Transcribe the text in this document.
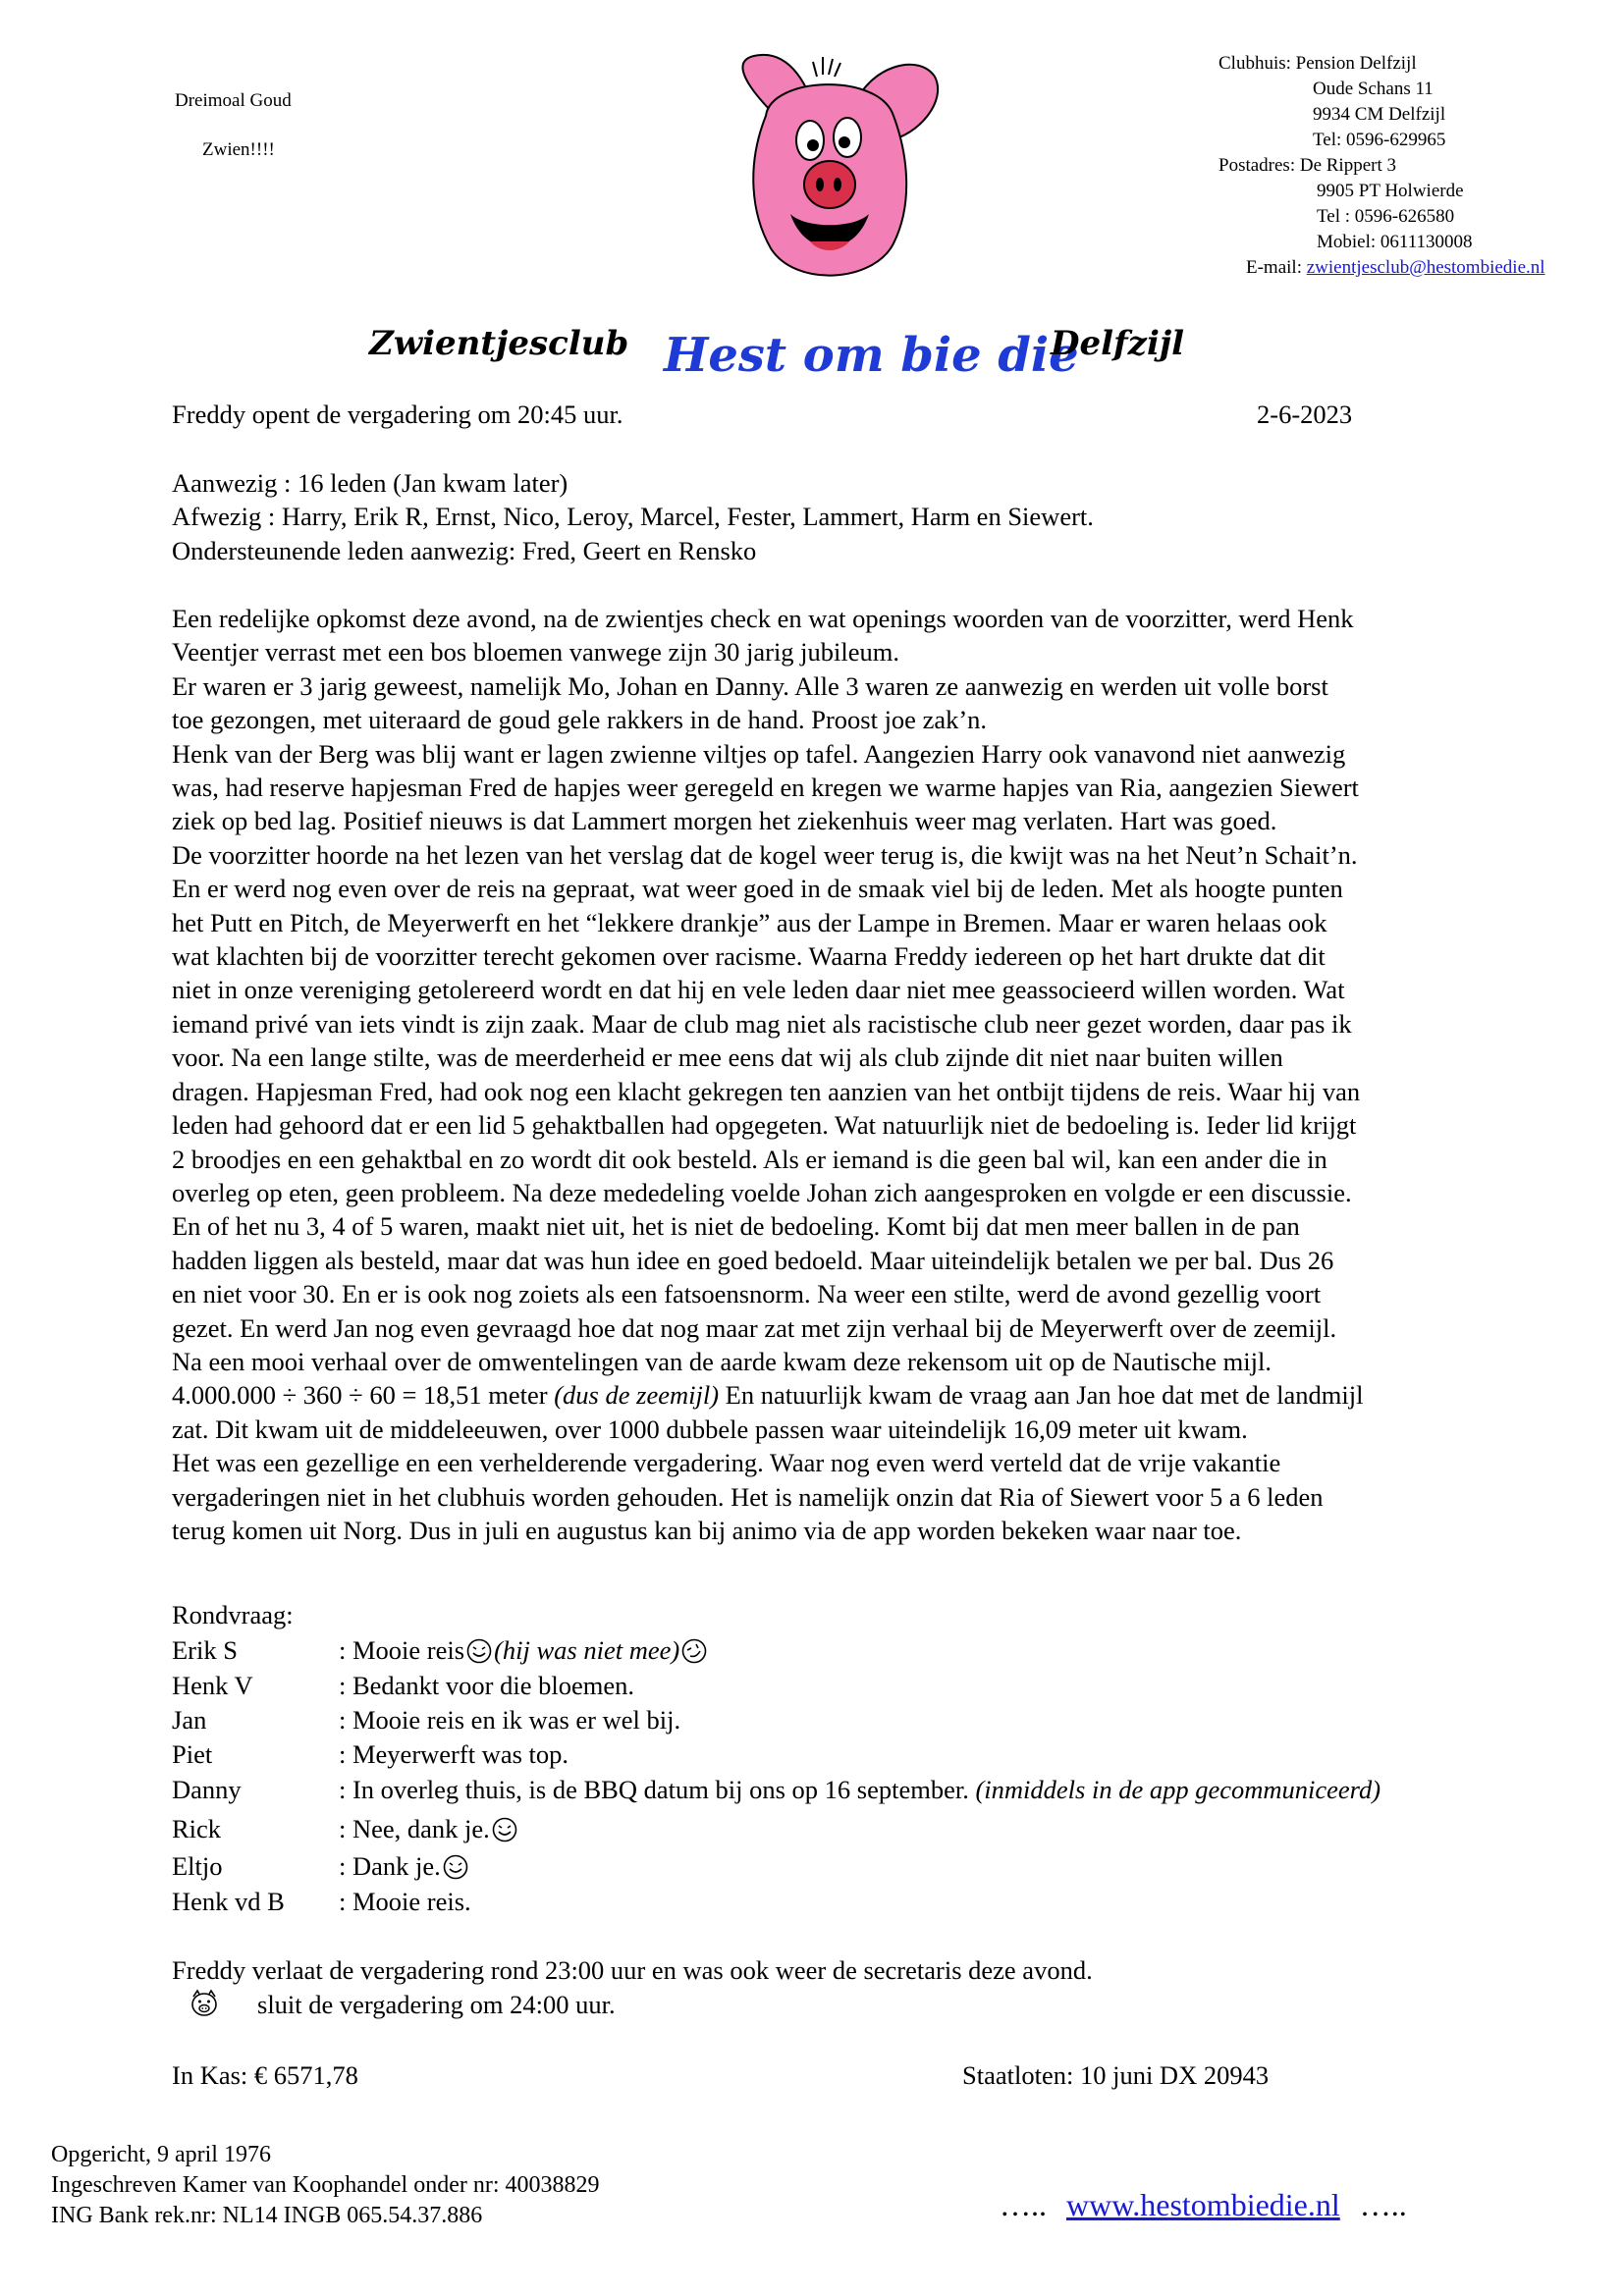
Dreimoal Goud
Zwien!!!!
Clubhuis: Pension Delfzijl
Oude Schans 11
9934 CM Delfzijl
Tel: 0596-629965
Postadres: De Rippert 3
9905 PT Holwierde
Tel : 0596-626580
Mobiel: 0611130008
E-mail: zwientjesclub@hestombiedie.nl
Zwientjesclub Hest om bie die
Delfzijl
Freddy opent de vergadering om 20:45 uur.	2-6-2023
Aanwezig : 16 leden (Jan kwam later)
Afwezig : Harry, Erik R, Ernst, Nico, Leroy, Marcel, Fester, Lammert, Harm en Siewert.
Ondersteunende leden aanwezig: Fred, Geert en Rensko
Een redelijke opkomst deze avond, na de zwientjes check en wat openings woorden van de voorzitter, werd Henk
Veentjer verrast met een bos bloemen vanwege zijn 30 jarig jubileum.
Er waren er 3 jarig geweest, namelijk Mo, Johan en Danny. Alle 3 waren ze aanwezig en werden uit volle borst
toe gezongen, met uiteraard de goud gele rakkers in de hand. Proost joe zak’n.
Henk van der Berg was blij want er lagen zwienne viltjes op tafel. Aangezien Harry ook vanavond niet aanwezig
was, had reserve hapjesman Fred de hapjes weer geregeld en kregen we warme hapjes van Ria, aangezien Siewert
ziek op bed lag. Positief nieuws is dat Lammert morgen het ziekenhuis weer mag verlaten. Hart was goed.
De voorzitter hoorde na het lezen van het verslag dat de kogel weer terug is, die kwijt was na het Neut’n Schait’n.
En er werd nog even over de reis na gepraat, wat weer goed in de smaak viel bij de leden. Met als hoogte punten
het Putt en Pitch, de Meyerwerft en het “lekkere drankje” aus der Lampe in Bremen. Maar er waren helaas ook
wat klachten bij de voorzitter terecht gekomen over racisme. Waarna Freddy iedereen op het hart drukte dat dit
niet in onze vereniging getolereerd wordt en dat hij en vele leden daar niet mee geassocieerd willen worden. Wat
iemand privé van iets vindt is zijn zaak. Maar de club mag niet als racistische club neer gezet worden, daar pas ik
voor. Na een lange stilte, was de meerderheid er mee eens dat wij als club zijnde dit niet naar buiten willen
dragen. Hapjesman Fred, had ook nog een klacht gekregen ten aanzien van het ontbijt tijdens de reis. Waar hij van
leden had gehoord dat er een lid 5 gehaktballen had opgegeten. Wat natuurlijk niet de bedoeling is. Ieder lid krijgt
2 broodjes en een gehaktbal en zo wordt dit ook besteld. Als er iemand is die geen bal wil, kan een ander die in
overleg op eten, geen probleem. Na deze mededeling voelde Johan zich aangesproken en volgde er een discussie.
En of het nu 3, 4 of 5 waren, maakt niet uit, het is niet de bedoeling. Komt bij dat men meer ballen in de pan
hadden liggen als besteld, maar dat was hun idee en goed bedoeld. Maar uiteindelijk betalen we per bal. Dus 26
en niet voor 30. En er is ook nog zoiets als een fatsoensnorm. Na weer een stilte, werd de avond gezellig voort
gezet. En werd Jan nog even gevraagd hoe dat nog maar zat met zijn verhaal bij de Meyerwerft over de zeemijl.
Na een mooi verhaal over de omwentelingen van de aarde kwam deze rekensom uit op de Nautische mijl.
4.000.000 ÷ 360 ÷ 60 = 18,51 meter (dus de zeemijl) En natuurlijk kwam de vraag aan Jan hoe dat met de landmijl
zat. Dit kwam uit de middeleeuwen, over 1000 dubbele passen waar uiteindelijk 16,09 meter uit kwam.
Het was een gezellige en een verhelderende vergadering. Waar nog even werd verteld dat de vrije vakantie
vergaderingen niet in het clubhuis worden gehouden. Het is namelijk onzin dat Ria of Siewert voor 5 a 6 leden
terug komen uit Norg. Dus in juli en augustus kan bij animo via de app worden bekeken waar naar toe.
Rondvraag:
Erik S	: Mooie reis (hij was niet mee)
Henk V	: Bedankt voor die bloemen.
Jan	: Mooie reis en ik was er wel bij.
Piet	: Meyerwerft was top.
Danny	: In overleg thuis, is de BBQ datum bij ons op 16 september. (inmiddels in de app gecommuniceerd)
Rick	: Nee, dank je.
Eltjo	: Dank je.
Henk vd B : Mooie reis.
Freddy verlaat de vergadering rond 23:00 uur en was ook weer de secretaris deze avond.
sluit de vergadering om 24:00 uur.
In Kas: € 6571,78	Staatloten: 10 juni DX 20943
Opgericht, 9 april 1976
Ingeschreven Kamer van Koophandel onder nr: 40038829
ING Bank rek.nr: NL14 INGB 065.54.37.886	….. www.hestombiedie.nl …..
